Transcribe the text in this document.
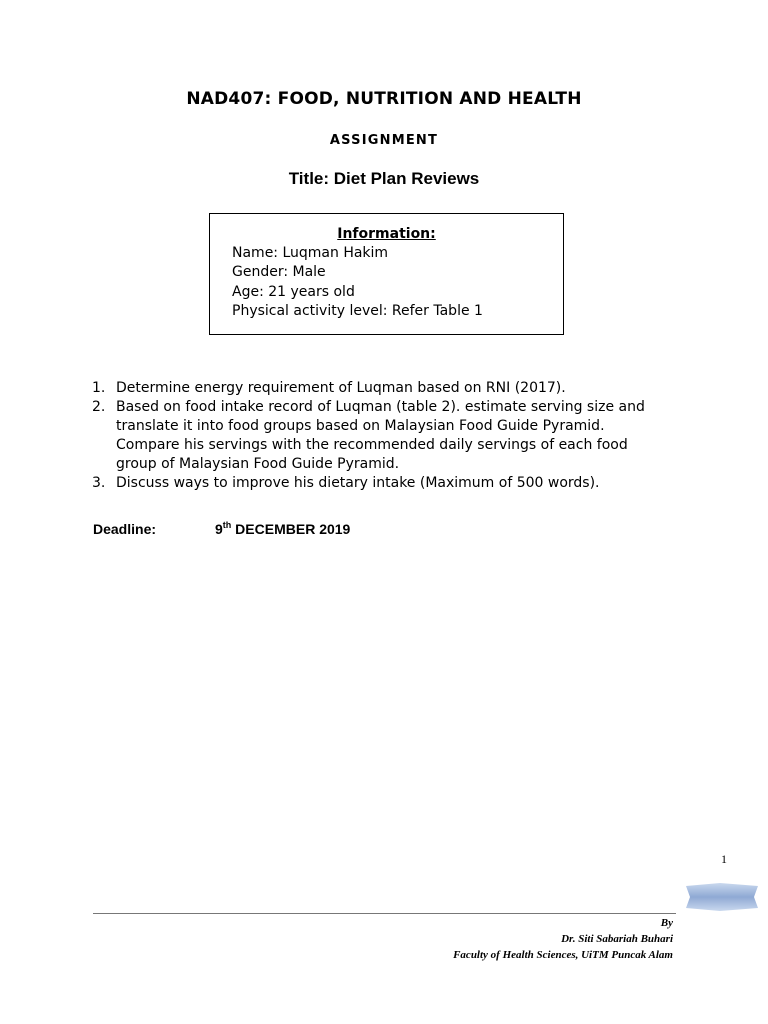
NAD407: FOOD, NUTRITION AND HEALTH
ASSIGNMENT
Title: Diet Plan Reviews
Information:
Name: Luqman Hakim
Gender: Male
Age: 21 years old
Physical activity level: Refer Table 1
1. Determine energy requirement of Luqman based on RNI (2017).
2. Based on food intake record of Luqman (table 2). estimate serving size and translate it into food groups based on Malaysian Food Guide Pyramid. Compare his servings with the recommended daily servings of each food group of Malaysian Food Guide Pyramid.
3. Discuss ways to improve his dietary intake (Maximum of 500 words).
Deadline:	9th DECEMBER 2019
1
By
Dr. Siti Sabariah Buhari
Faculty of Health Sciences, UiTM Puncak Alam
